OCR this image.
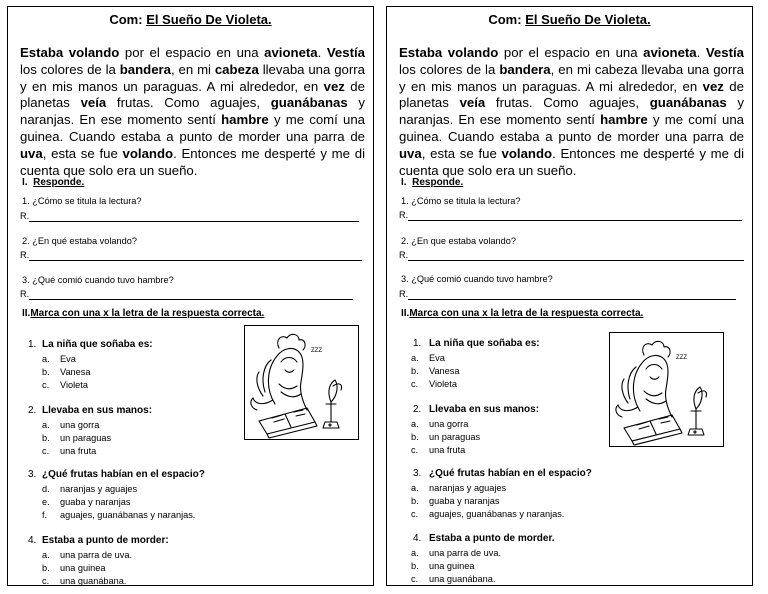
Com: El Sueño De Violeta.
Estaba volando por el espacio en una avioneta. Vestía los colores de la bandera, en mi cabeza llevaba una gorra y en mis manos un paraguas. A mi alrededor, en vez de planetas veía frutas. Como aguajes, guanábanas y naranjas. En ese momento sentí hambre y me comí una guinea. Cuando estaba a punto de morder una parra de uva, esta se fue volando. Entonces me desperté y me di cuenta que solo era un sueño.
I. Responde.
1. ¿Cómo se titula la lectura?
R.
2. ¿En qué estaba volando?
R.
3. ¿Qué comió cuando tuvo hambre?
R.
II.Marca con una x la letra de la respuesta correcta.
1. La niña que soñaba es:
a. Eva
b. Vanesa
c. Violeta
2. Llevaba en sus manos:
a. una gorra
b. un paraguas
c. una fruta
3. ¿Qué frutas habían en el espacio?
d. naranjas y aguajes
e. guaba y naranjas
f. aguajes, guanábanas y naranjas.
4. Estaba a punto de morder:
a. una parra de uva.
b. una guinea
c. una guanábana.
ZZZ
Com: El Sueño De Violeta.
Estaba volando por el espacio en una avioneta. Vestía los colores de la bandera, en mi cabeza llevaba una gorra y en mis manos un paraguas. A mi alrededor, en vez de planetas veía frutas. Como aguajes, guanábanas y naranjas. En ese momento sentí hambre y me comí una guinea. Cuando estaba a punto de morder una parra de uva, esta se fue volando. Entonces me desperté y me di cuenta que solo era un sueño.
I. Responde.
1. ¿Cómo se titula la lectura?
R.
2. ¿En que estaba volando?
R.
3. ¿Qué comió cuando tuvo hambre?
R.
II.Marca con una x la letra de la respuesta correcta.
1. La niña que soñaba es:
a. Eva
b. Vanesa
c. Violeta
2. Llevaba en sus manos:
a. una gorra
b. un paraguas
c. una fruta
3. ¿Qué frutas habían en el espacio?
a. naranjas y aguajes
b. guaba y naranjas
c. aguajes, guanábanas y naranjas.
4. Estaba a punto de morder.
a. una parra de uva.
b. una guinea
c. una guanábana.
ZZZ
